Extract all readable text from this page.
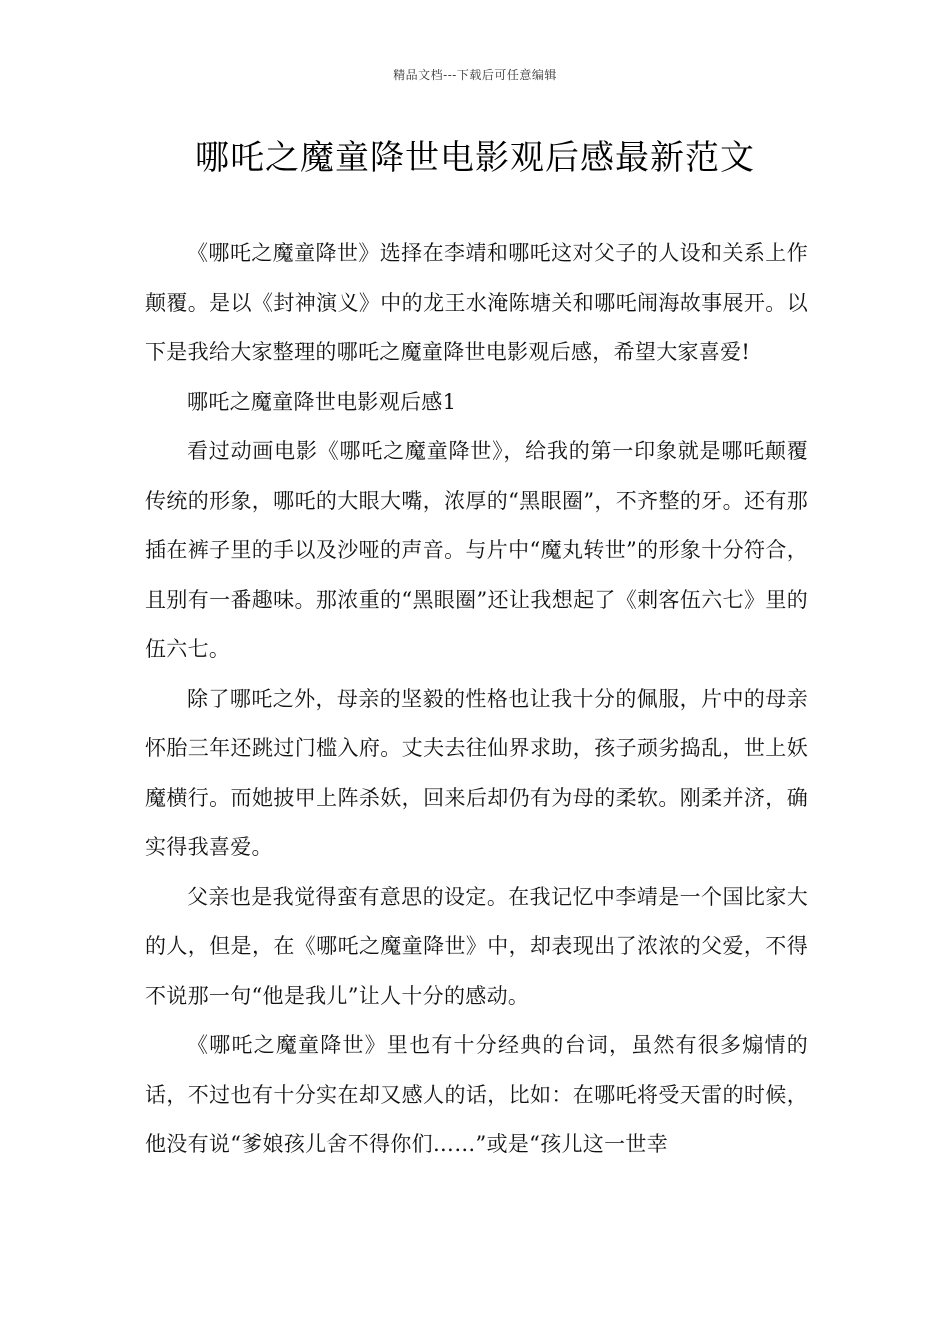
精品文档---下载后可任意编辑
哪吒之魔童降世电影观后感最新范文

《哪吒之魔童降世》选择在李靖和哪吒这对父子的人设和关系上作颠覆。是以《封神演义》中的龙王水淹陈塘关和哪吒闹海故事展开。以下是我给大家整理的哪吒之魔童降世电影观后感，希望大家喜爱!

哪吒之魔童降世电影观后感1

看过动画电影《哪吒之魔童降世》，给我的第一印象就是哪吒颠覆传统的形象，哪吒的大眼大嘴，浓厚的“黑眼圈”，不齐整的牙。还有那插在裤子里的手以及沙哑的声音。与片中“魔丸转世”的形象十分符合，且别有一番趣味。那浓重的“黑眼圈”还让我想起了《刺客伍六七》里的伍六七。

除了哪吒之外，母亲的坚毅的性格也让我十分的佩服，片中的母亲怀胎三年还跳过门槛入府。丈夫去往仙界求助，孩子顽劣捣乱，世上妖魔横行。而她披甲上阵杀妖，回来后却仍有为母的柔软。刚柔并济，确实得我喜爱。

父亲也是我觉得蛮有意思的设定。在我记忆中李靖是一个国比家大的人，但是，在《哪吒之魔童降世》中，却表现出了浓浓的父爱，不得不说那一句“他是我儿”让人十分的感动。

《哪吒之魔童降世》里也有十分经典的台词，虽然有很多煽情的话，不过也有十分实在却又感人的话，比如：在哪吒将受天雷的时候，他没有说“爹娘孩儿舍不得你们……”或是“孩儿这一世幸
